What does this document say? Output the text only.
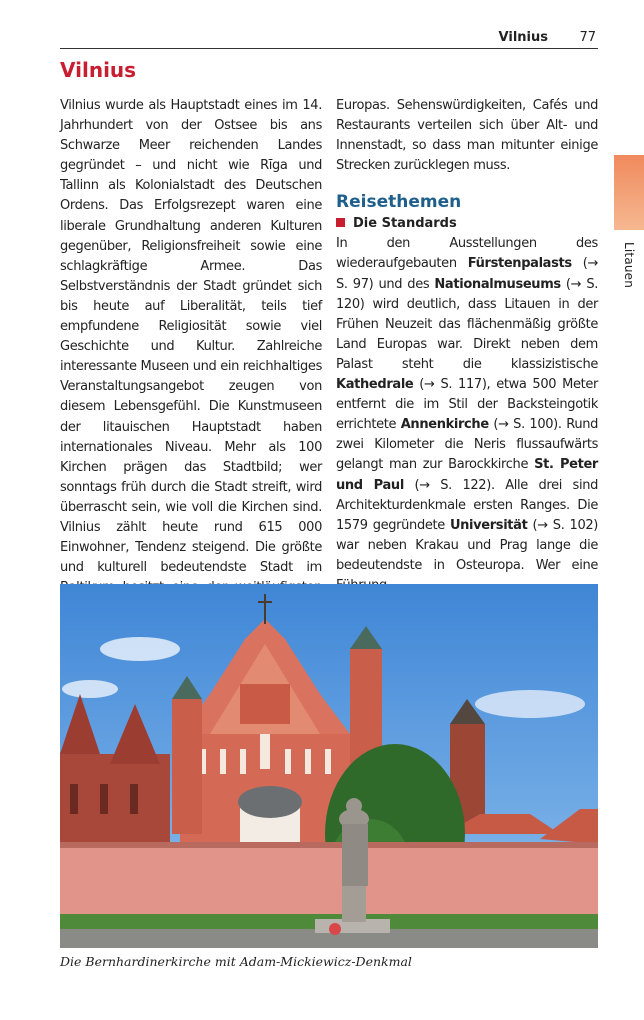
Vilnius 77
Litauen
Vilnius

Vilnius wurde als Hauptstadt eines im 14. Jahrhundert von der Ostsee bis ans Schwarze Meer reichenden Landes gegründet – und nicht wie Rīga und Tallinn als Kolonialstadt des Deutschen Ordens. Das Erfolgsrezept waren eine liberale Grundhaltung anderen Kulturen gegenüber, Religionsfreiheit sowie eine schlagkräftige Armee. Das Selbstverständnis der Stadt gründet sich bis heute auf Liberalität, teils tief empfundene Religiosität sowie viel Geschichte und Kultur. Zahlreiche interessante Museen und ein reichhaltiges Veranstaltungsangebot zeugen von diesem Lebensgefühl. Die Kunstmuseen der litauischen Hauptstadt haben internationales Niveau. Mehr als 100 Kirchen prägen das Stadtbild; wer sonntags früh durch die Stadt streift, wird überrascht sein, wie voll die Kirchen sind. Vilnius zählt heute rund 615 000 Einwohner, Tendenz steigend. Die größte und kulturell bedeutendste Stadt im

Europas. Sehenswürdigkeiten, Cafés und Restaurants verteilen sich über Alt- und Innenstadt, so dass man mitunter einige Strecken zurücklegen muss.

Reisethemen
Die Standards

In den Ausstellungen des wiederaufgebauten Fürstenpalasts (→ S. 97) und des Nationalmuseums (→ S. 120) wird deutlich, dass Litauen in der Frühen Neuzeit das flächenmäßig größte Land Europas war. Direkt neben dem Palast steht die klassizistische Kathedrale (→ S. 117), etwa 500 Meter entfernt die im Stil der Backsteingotik errichtete Annenkirche (→ S. 100). Rund zwei Kilometer die Neris flussaufwärts gelangt man zur Barockkirche St. Peter und Paul (→ S. 122). Alle drei sind Architekturdenkmale ersten Ranges. Die 1579 gegründete Universität (→ S. 102) war neben Krakau und Prag lange die bedeutendste in Osteuropa. Wer eine

Die Bernhardinerkirche mit Adam-Mickiewicz-Denkmal
